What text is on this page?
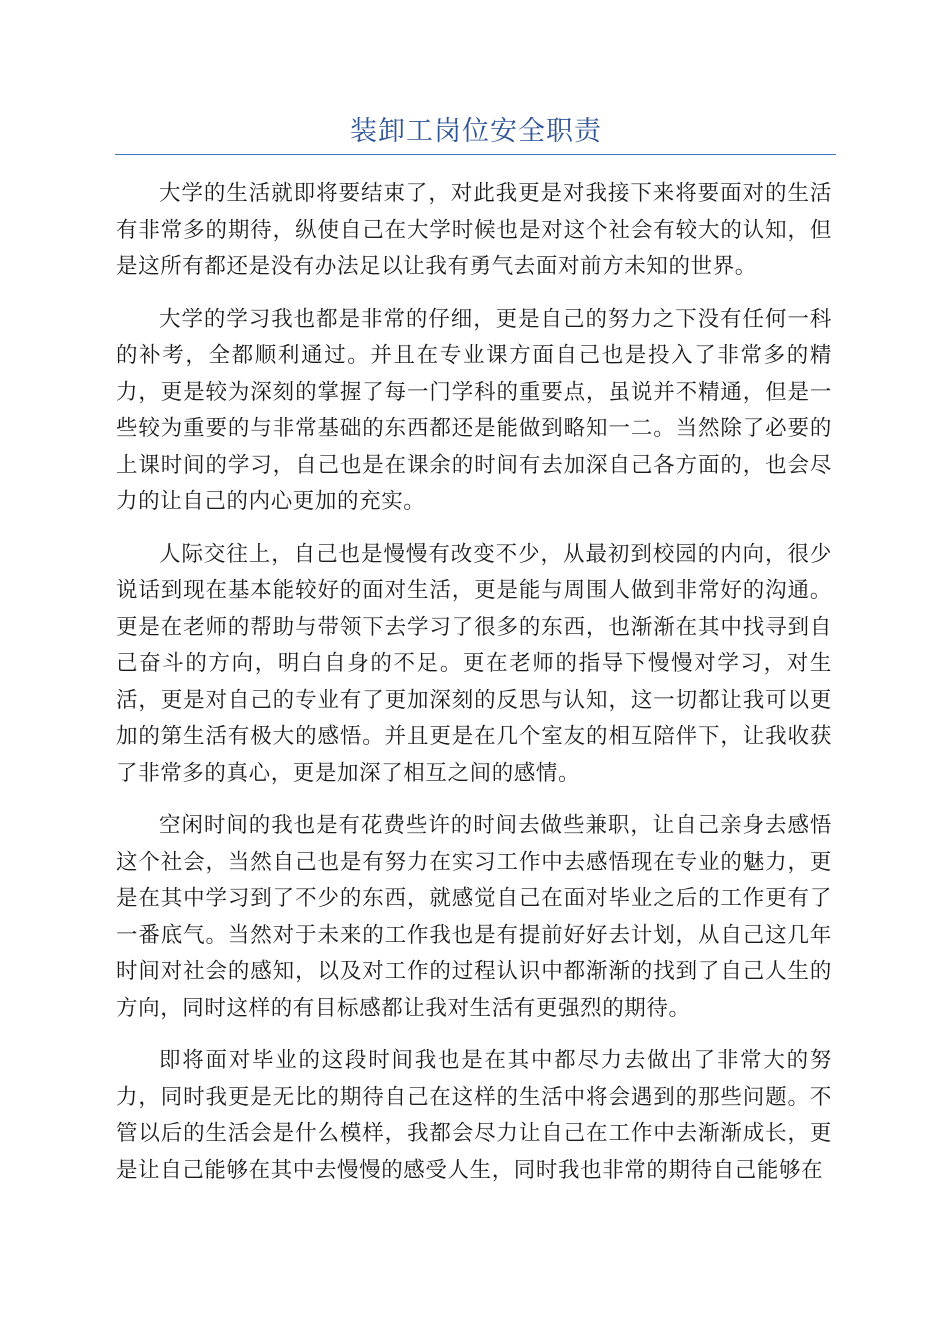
装卸工岗位安全职责

大学的生活就即将要结束了，对此我更是对我接下来将要面对的生活有非常多的期待，纵使自己在大学时候也是对这个社会有较大的认知，但是这所有都还是没有办法足以让我有勇气去面对前方未知的世界。

大学的学习我也都是非常的仔细，更是自己的努力之下没有任何一科的补考，全都顺利通过。并且在专业课方面自己也是投入了非常多的精力，更是较为深刻的掌握了每一门学科的重要点，虽说并不精通，但是一些较为重要的与非常基础的东西都还是能做到略知一二。当然除了必要的上课时间的学习，自己也是在课余的时间有去加深自己各方面的，也会尽力的让自己的内心更加的充实。

人际交往上，自己也是慢慢有改变不少，从最初到校园的内向，很少说话到现在基本能较好的面对生活，更是能与周围人做到非常好的沟通。更是在老师的帮助与带领下去学习了很多的东西，也渐渐在其中找寻到自己奋斗的方向，明白自身的不足。更在老师的指导下慢慢对学习，对生活，更是对自己的专业有了更加深刻的反思与认知，这一切都让我可以更加的第生活有极大的感悟。并且更是在几个室友的相互陪伴下，让我收获了非常多的真心，更是加深了相互之间的感情。

空闲时间的我也是有花费些许的时间去做些兼职，让自己亲身去感悟这个社会，当然自己也是有努力在实习工作中去感悟现在专业的魅力，更是在其中学习到了不少的东西，就感觉自己在面对毕业之后的工作更有了一番底气。当然对于未来的工作我也是有提前好好去计划，从自己这几年时间对社会的感知，以及对工作的过程认识中都渐渐的找到了自己人生的方向，同时这样的有目标感都让我对生活有更强烈的期待。

即将面对毕业的这段时间我也是在其中都尽力去做出了非常大的努力，同时我更是无比的期待自己在这样的生活中将会遇到的那些问题。不管以后的生活会是什么模样，我都会尽力让自己在工作中去渐渐成长，更是让自己能够在其中去慢慢的感受人生，同时我也非常的期待自己能够在
